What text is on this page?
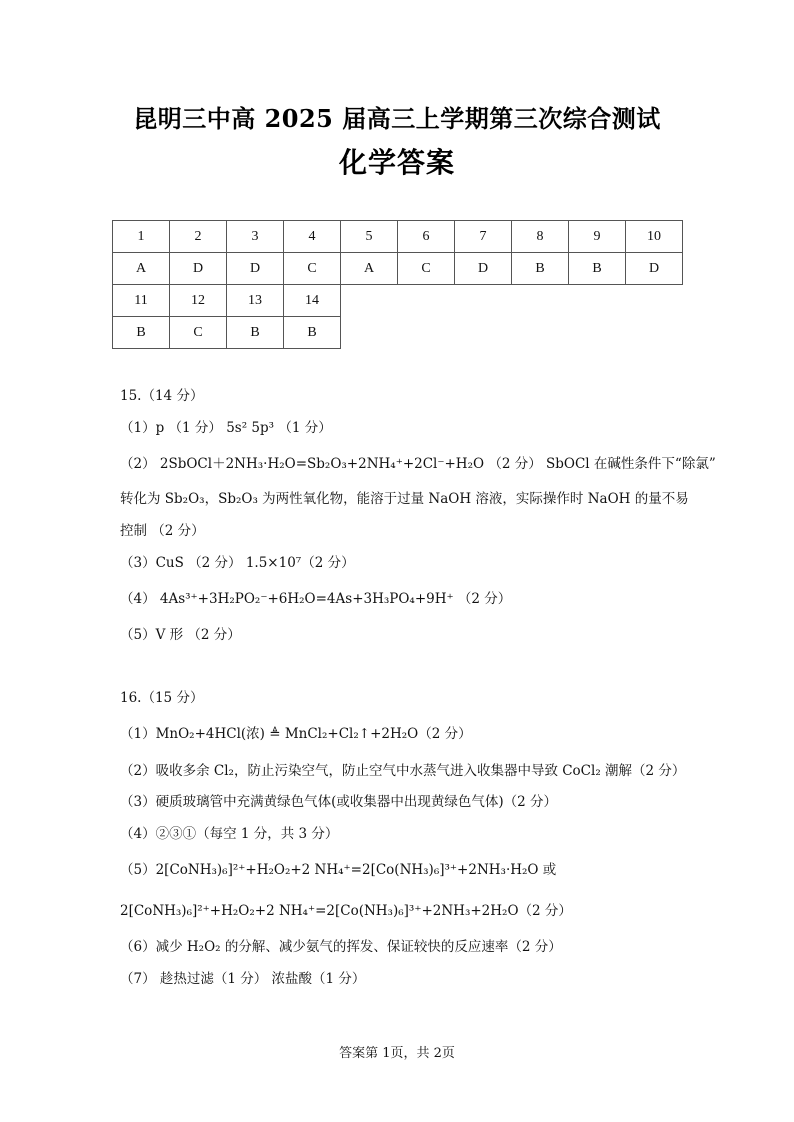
昆明三中高 2025 届高三上学期第三次综合测试
化学答案
1	2	3	4	5	6	7	8	9	10
A	D	D	C	A	C	D	B	B	D
11	12	13	14						
B	C	B	B						
15.（14 分）
（1）p （1 分） 5s² 5p³ （1 分）
（2） 2SbOCl＋2NH₃·H₂O=Sb₂O₃+2NH₄⁺+2Cl⁻+H₂O （2 分） SbOCl 在碱性条件下“除氯”
转化为 Sb₂O₃，Sb₂O₃ 为两性氧化物，能溶于过量 NaOH 溶液，实际操作时 NaOH 的量不易
控制 （2 分）
（3）CuS （2 分） 1.5×10⁷（2 分）
（4） 4As³⁺+3H₂PO₂⁻+6H₂O=4As+3H₃PO₄+9H⁺ （2 分）
（5）V 形 （2 分）
16.（15 分）
（1）MnO₂+4HCl(浓) ≜ MnCl₂+Cl₂↑+2H₂O（2 分）
（2）吸收多余 Cl₂，防止污染空气，防止空气中水蒸气进入收集器中导致 CoCl₂ 潮解（2 分）
（3）硬质玻璃管中充满黄绿色气体(或收集器中出现黄绿色气体)（2 分）
（4）②③①（每空 1 分，共 3 分）
（5）2[CoNH₃)₆]²⁺+H₂O₂+2 NH₄⁺=2[Co(NH₃)₆]³⁺+2NH₃·H₂O 或
2[CoNH₃)₆]²⁺+H₂O₂+2 NH₄⁺=2[Co(NH₃)₆]³⁺+2NH₃+2H₂O（2 分）
（6）减少 H₂O₂ 的分解、减少氨气的挥发、保证较快的反应速率（2 分）
（7） 趁热过滤（1 分） 浓盐酸（1 分）
答案第 1页，共 2页
